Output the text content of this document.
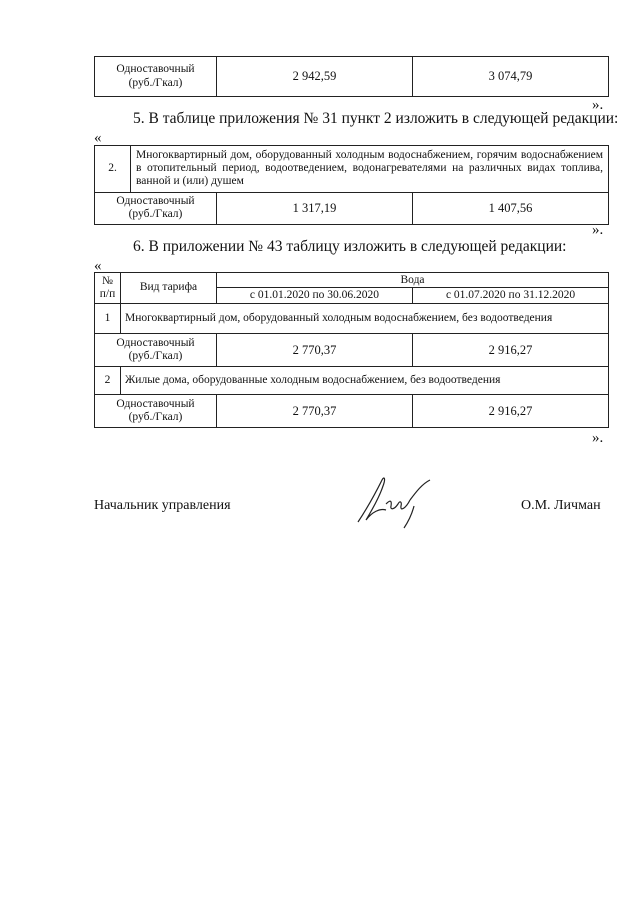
Одноставочный
(руб./Гкал)	2 942,59	3 074,79
».
5. В таблице приложения № 31 пункт 2 изложить в следующей редакции:
«
2.	Многоквартирный дом, оборудованный холодным водоснабжением, горячим водоснабжением в отопительный период, водоотведением, водонагревателями на различных видах топлива, ванной и (или) душем		

Одноставочный
(руб./Гкал)		1 317,19	1 407,56
».
6. В приложении № 43 таблицу изложить в следующей редакции:
«
№
п/п	Вид тарифа	Вода	
		с 01.01.2020 по 30.06.2020	с 01.07.2020 по 31.12.2020
1	Многоквартирный дом, оборудованный холодным водоснабжением, без водоотведения		

Одноставочный
(руб./Гкал)		2 770,37	2 916,27
2	Жилые дома, оборудованные холодным водоснабжением, без водоотведения		

Одноставочный
(руб./Гкал)		2 770,37	2 916,27
».
Начальник управления	О.М. Личман
